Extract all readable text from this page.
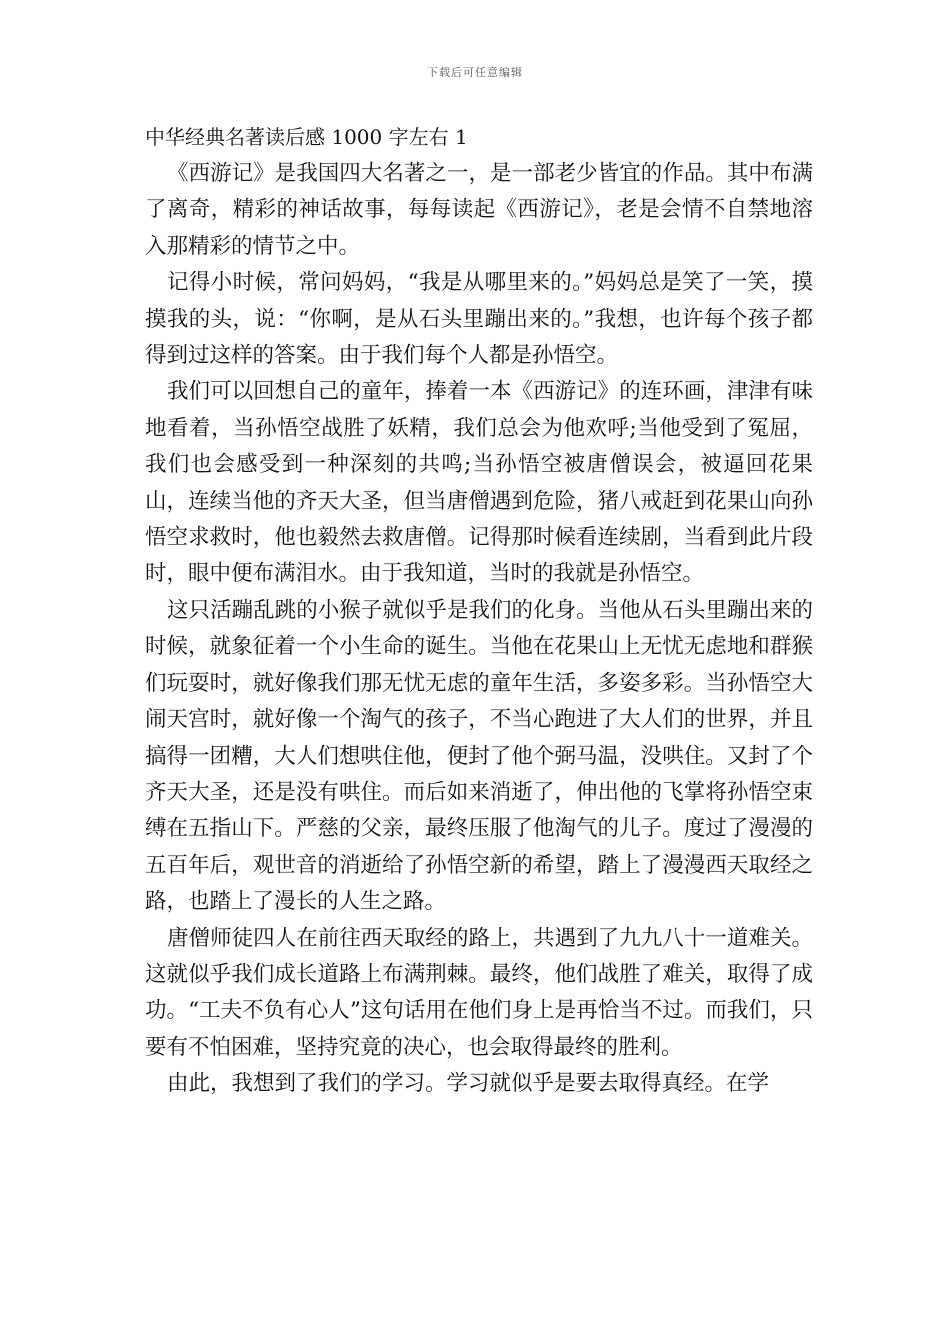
下载后可任意编辑
中华经典名著读后感 1000 字左右 1

《西游记》是我国四大名著之一，是一部老少皆宜的作品。其中布满了离奇，精彩的神话故事，每每读起《西游记》，老是会情不自禁地溶入那精彩的情节之中。

记得小时候，常问妈妈，“我是从哪里来的。”妈妈总是笑了一笑，摸摸我的头，说：“你啊，是从石头里蹦出来的。”我想，也许每个孩子都得到过这样的答案。由于我们每个人都是孙悟空。

我们可以回想自己的童年，捧着一本《西游记》的连环画，津津有味地看着，当孙悟空战胜了妖精，我们总会为他欢呼;当他受到了冤屈，我们也会感受到一种深刻的共鸣;当孙悟空被唐僧误会，被逼回花果山，连续当他的齐天大圣，但当唐僧遇到危险，猪八戒赶到花果山向孙悟空求救时，他也毅然去救唐僧。记得那时候看连续剧，当看到此片段时，眼中便布满泪水。由于我知道，当时的我就是孙悟空。

这只活蹦乱跳的小猴子就似乎是我们的化身。当他从石头里蹦出来的时候，就象征着一个小生命的诞生。当他在花果山上无忧无虑地和群猴们玩耍时，就好像我们那无忧无虑的童年生活，多姿多彩。当孙悟空大闹天宫时，就好像一个淘气的孩子，不当心跑进了大人们的世界，并且搞得一团糟，大人们想哄住他，便封了他个弼马温，没哄住。又封了个齐天大圣，还是没有哄住。而后如来消逝了，伸出他的飞掌将孙悟空束缚在五指山下。严慈的父亲，最终压服了他淘气的儿子。度过了漫漫的五百年后，观世音的消逝给了孙悟空新的希望，踏上了漫漫西天取经之路，也踏上了漫长的人生之路。

唐僧师徒四人在前往西天取经的路上，共遇到了九九八十一道难关。这就似乎我们成长道路上布满荆棘。最终，他们战胜了难关，取得了成功。“工夫不负有心人”这句话用在他们身上是再恰当不过。而我们，只要有不怕困难，坚持究竟的决心，也会取得最终的胜利。

由此，我想到了我们的学习。学习就似乎是要去取得真经。在学
